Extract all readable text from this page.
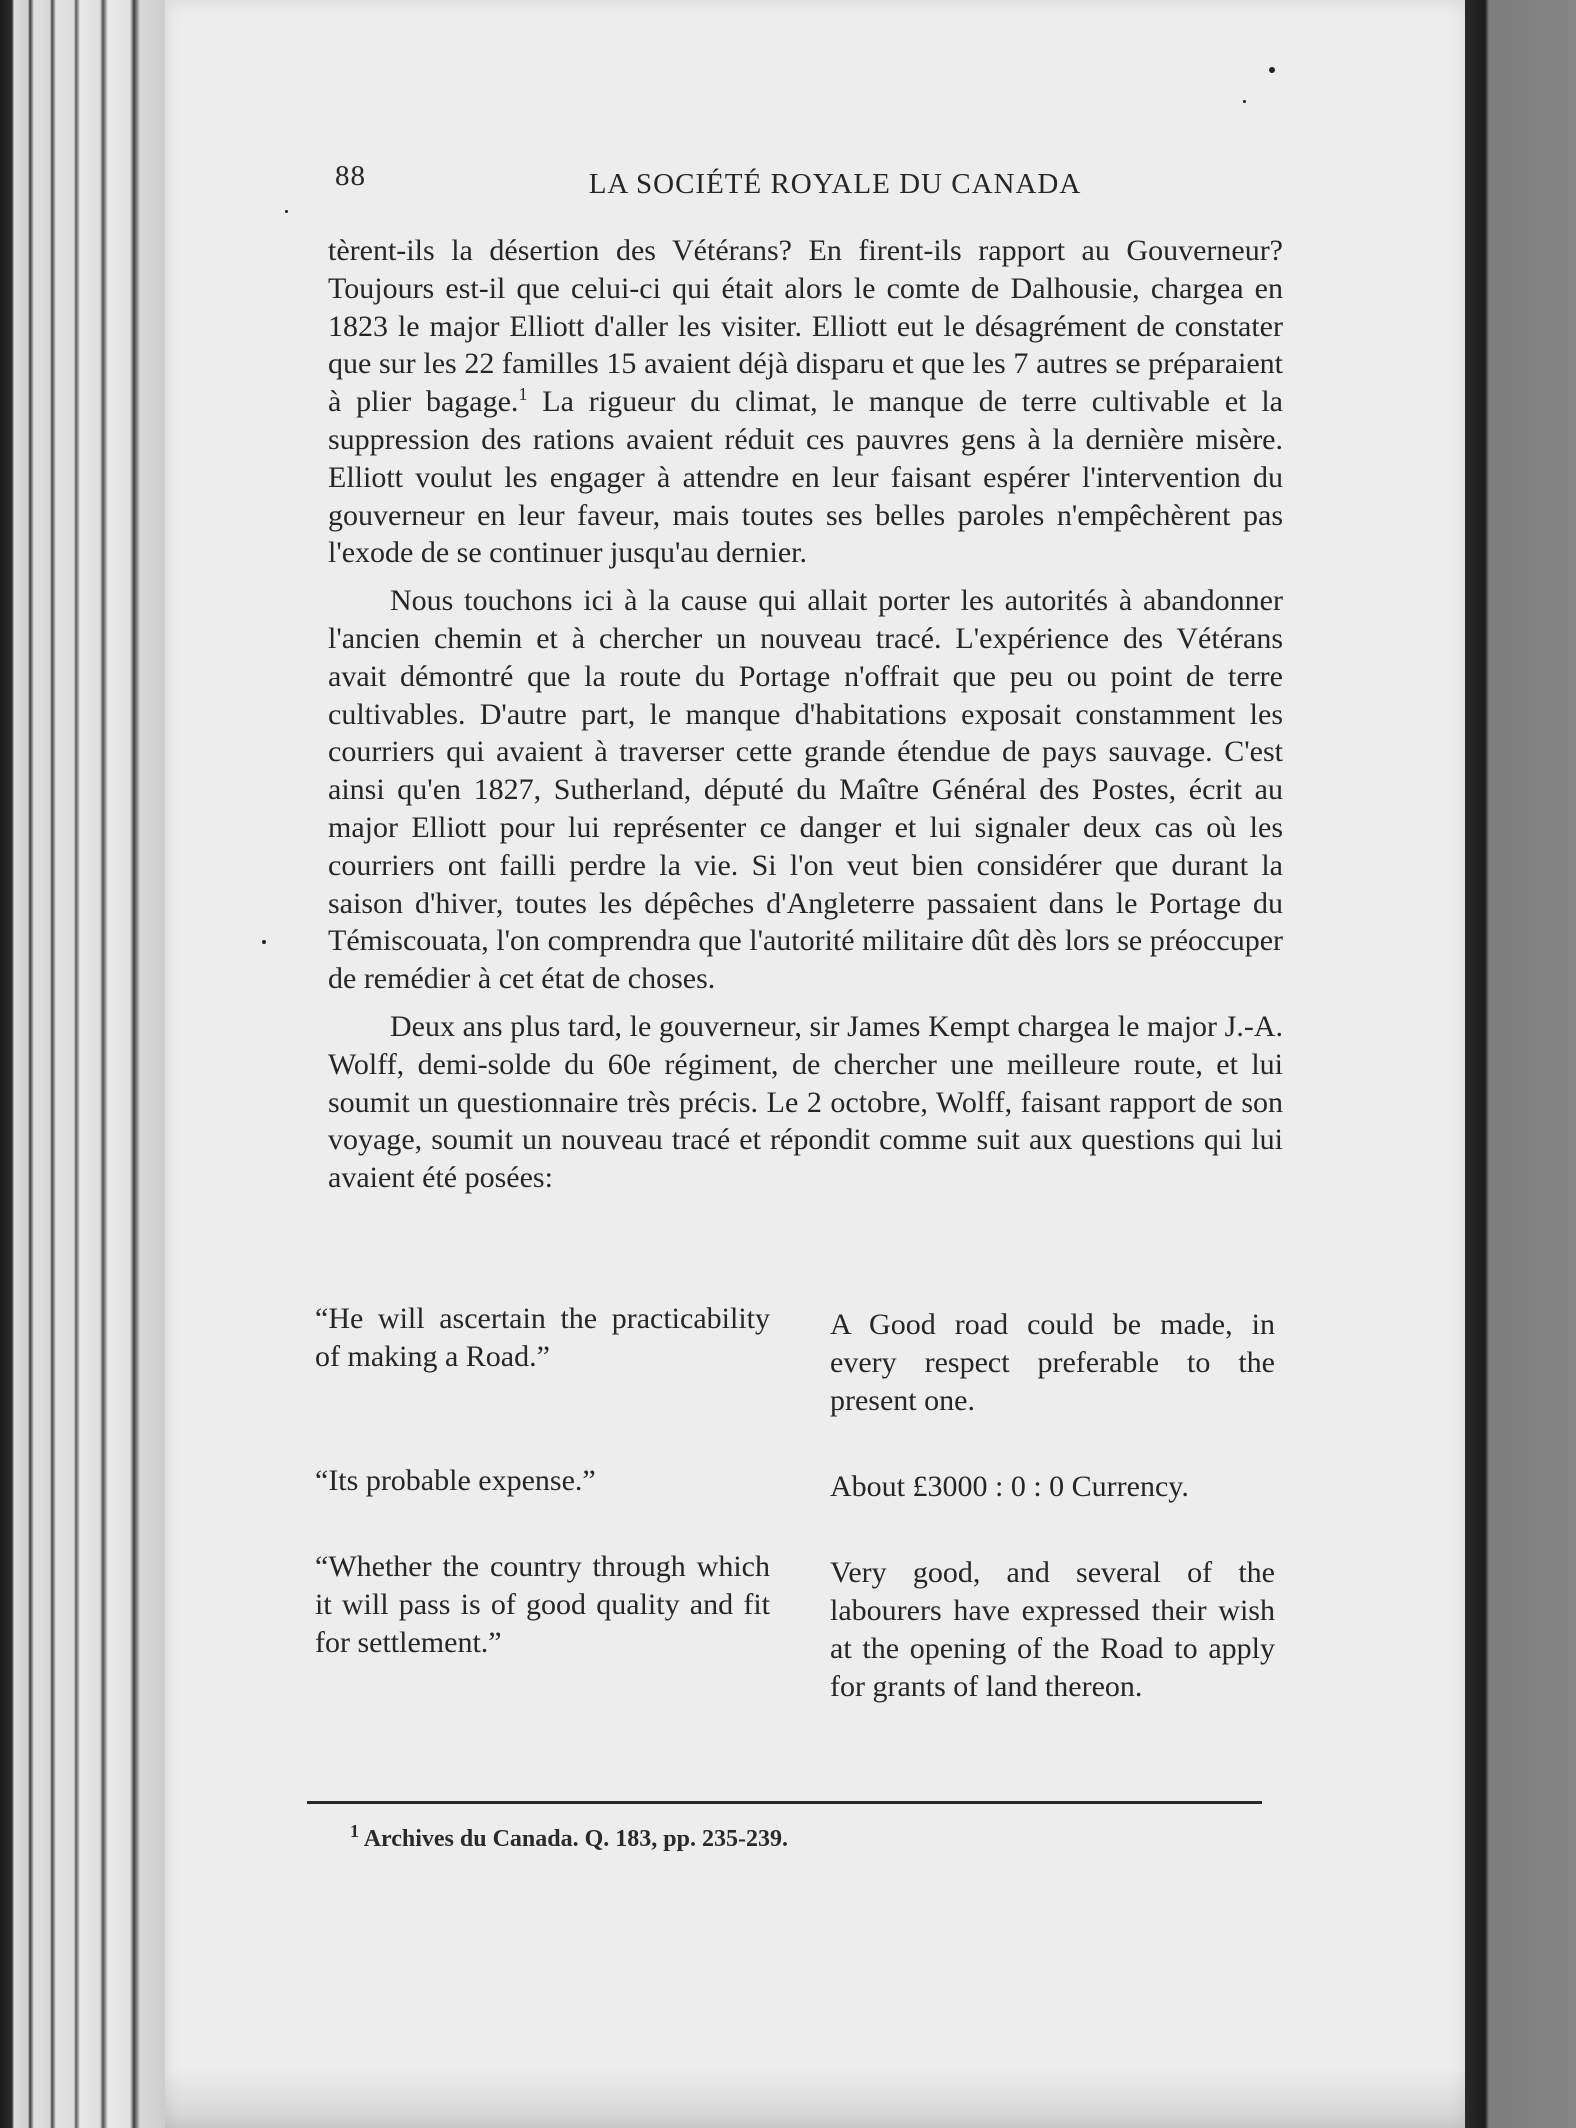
88	LA SOCIÉTÉ ROYALE DU CANADA

tèrent-ils la désertion des Vétérans? En firent-ils rapport au Gouverneur? Toujours est-il que celui-ci qui était alors le comte de Dalhousie, chargea en 1823 le major Elliott d'aller les visiter. Elliott eut le désagrément de constater que sur les 22 familles 15 avaient déjà disparu et que les 7 autres se préparaient à plier bagage.$^1$ La rigueur du climat, le manque de terre cultivable et la suppression des rations avaient réduit ces pauvres gens à la dernière misère. Elliott voulut les engager à attendre en leur faisant espérer l'intervention du gouverneur en leur faveur, mais toutes ses belles paroles n'empêchèrent pas l'exode de se continuer jusqu'au dernier.

Nous touchons ici à la cause qui allait porter les autorités à abandonner l'ancien chemin et à chercher un nouveau tracé. L'expérience des Vétérans avait démontré que la route du Portage n'offrait que peu ou point de terre cultivables. D'autre part, le manque d'habitations exposait constamment les courriers qui avaient à traverser cette grande étendue de pays sauvage. C'est ainsi qu'en 1827, Sutherland, député du Maître Général des Postes, écrit au major Elliott pour lui représenter ce danger et lui signaler deux cas où les courriers ont failli perdre la vie. Si l'on veut bien considérer que durant la saison d'hiver, toutes les dépêches d'Angleterre passaient dans le Portage du Témiscouata, l'on comprendra que l'autorité militaire dût dès lors se préoccuper de remédier à cet état de choses.

Deux ans plus tard, le gouverneur, sir James Kempt chargea le major J.-A. Wolff, demi-solde du 60e régiment, de chercher une meilleure route, et lui soumit un questionnaire très précis. Le 2 octobre, Wolff, faisant rapport de son voyage, soumit un nouveau tracé et répondit comme suit aux questions qui lui avaient été posées:

“He will ascertain the practicability of making a Road.”
A Good road could be made, in every respect preferable to the present one.
“Its probable expense.”	About £3000 : 0 : 0 Currency.
“Whether the country through which it will pass is of good quality and fit for settlement.”
Very good, and several of the labourers have expressed their wish at the opening of the Road to apply for grants of land thereon.
$^1$ Archives du Canada. Q. 183, pp. 235-239.
